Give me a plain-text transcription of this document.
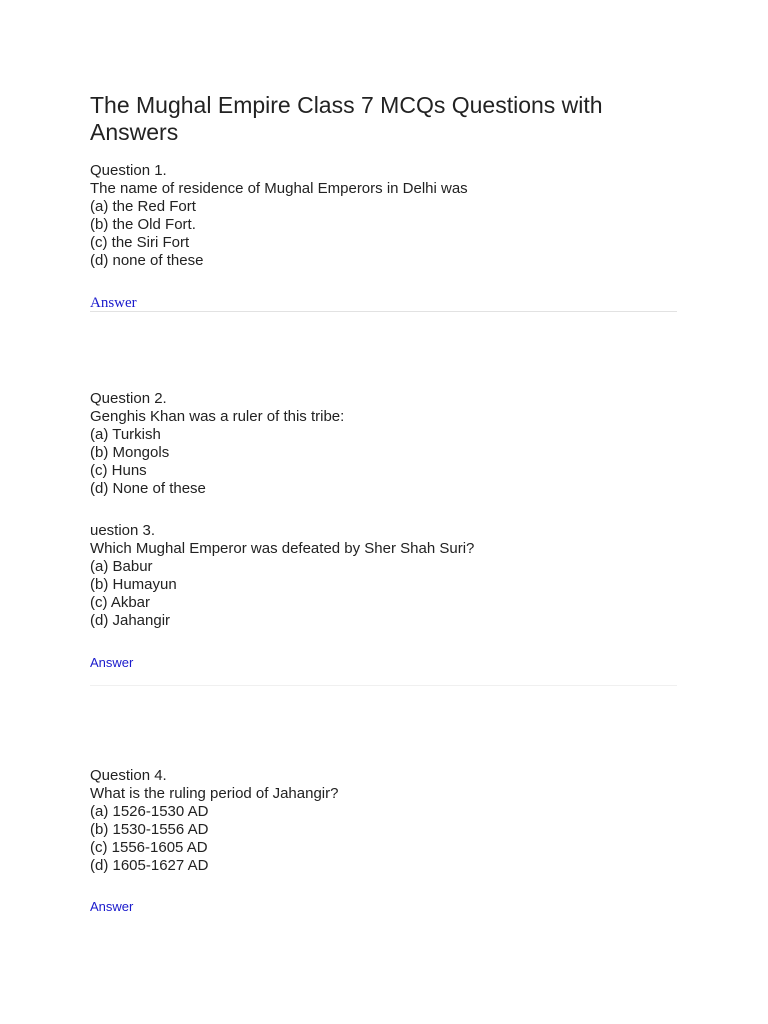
The Mughal Empire Class 7 MCQs Questions with Answers
Question 1.
The name of residence of Mughal Emperors in Delhi was
(a) the Red Fort
(b) the Old Fort.
(c) the Siri Fort
(d) none of these
Answer
Question 2.
Genghis Khan was a ruler of this tribe:
(a) Turkish
(b) Mongols
(c) Huns
(d) None of these
uestion 3.
Which Mughal Emperor was defeated by Sher Shah Suri?
(a) Babur
(b) Humayun
(c) Akbar
(d) Jahangir
Answer
Question 4.
What is the ruling period of Jahangir?
(a) 1526-1530 AD
(b) 1530-1556 AD
(c) 1556-1605 AD
(d) 1605-1627 AD
Answer
